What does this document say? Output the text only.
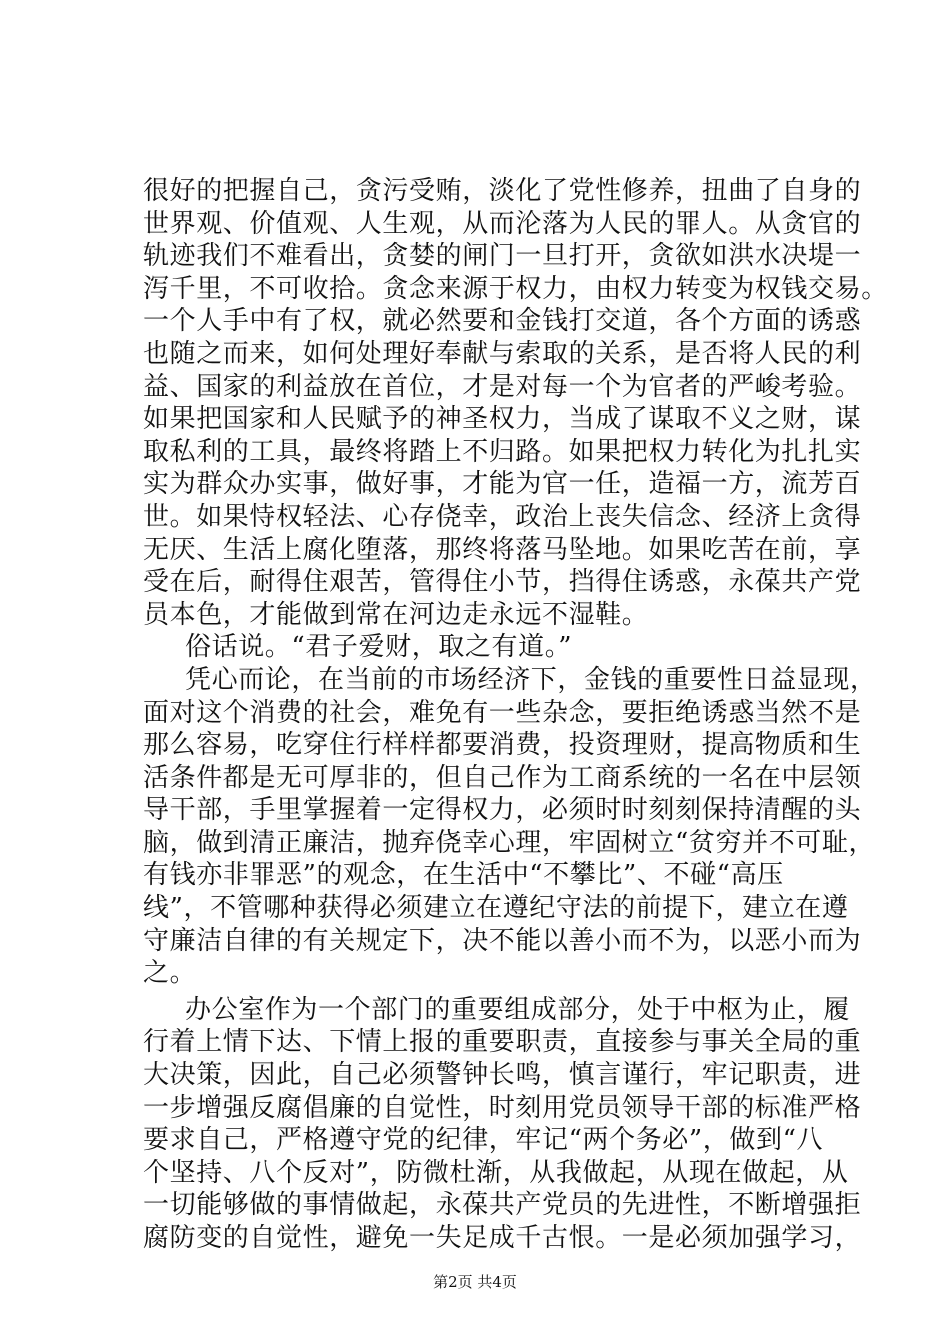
很好的把握自己，贪污受贿，淡化了党性修养，扭曲了自身的
世界观、价值观、人生观，从而沦落为人民的罪人。从贪官的
轨迹我们不难看出，贪婪的闸门一旦打开，贪欲如洪水决堤一
泻千里，不可收拾。贪念来源于权力，由权力转变为权钱交易。
一个人手中有了权，就必然要和金钱打交道，各个方面的诱惑
也随之而来，如何处理好奉献与索取的关系，是否将人民的利
益、国家的利益放在首位，才是对每一个为官者的严峻考验。
如果把国家和人民赋予的神圣权力，当成了谋取不义之财，谋
取私利的工具，最终将踏上不归路。如果把权力转化为扎扎实
实为群众办实事，做好事，才能为官一任，造福一方，流芳百
世。如果恃权轻法、心存侥幸，政治上丧失信念、经济上贪得
无厌、生活上腐化堕落，那终将落马坠地。如果吃苦在前，享
受在后，耐得住艰苦，管得住小节，挡得住诱惑，永葆共产党
员本色，才能做到常在河边走永远不湿鞋。
俗话说。“君子爱财，取之有道。”
凭心而论，在当前的市场经济下，金钱的重要性日益显现，
面对这个消费的社会，难免有一些杂念，要拒绝诱惑当然不是
那么容易，吃穿住行样样都要消费，投资理财，提高物质和生
活条件都是无可厚非的，但自己作为工商系统的一名在中层领
导干部，手里掌握着一定得权力，必须时时刻刻保持清醒的头
脑，做到清正廉洁，抛弃侥幸心理，牢固树立“贫穷并不可耻，
有钱亦非罪恶”的观念，在生活中“不攀比”、不碰“高压
线”，不管哪种获得必须建立在遵纪守法的前提下，建立在遵
守廉洁自律的有关规定下，决不能以善小而不为，以恶小而为
之。
办公室作为一个部门的重要组成部分，处于中枢为止，履
行着上情下达、下情上报的重要职责，直接参与事关全局的重
大决策，因此，自己必须警钟长鸣，慎言谨行，牢记职责，进
一步增强反腐倡廉的自觉性，时刻用党员领导干部的标准严格
要求自己，严格遵守党的纪律，牢记“两个务必”，做到“八
个坚持、八个反对”，防微杜渐，从我做起，从现在做起，从
一切能够做的事情做起，永葆共产党员的先进性，不断增强拒
腐防变的自觉性，避免一失足成千古恨。一是必须加强学习，
第2页 共4页
